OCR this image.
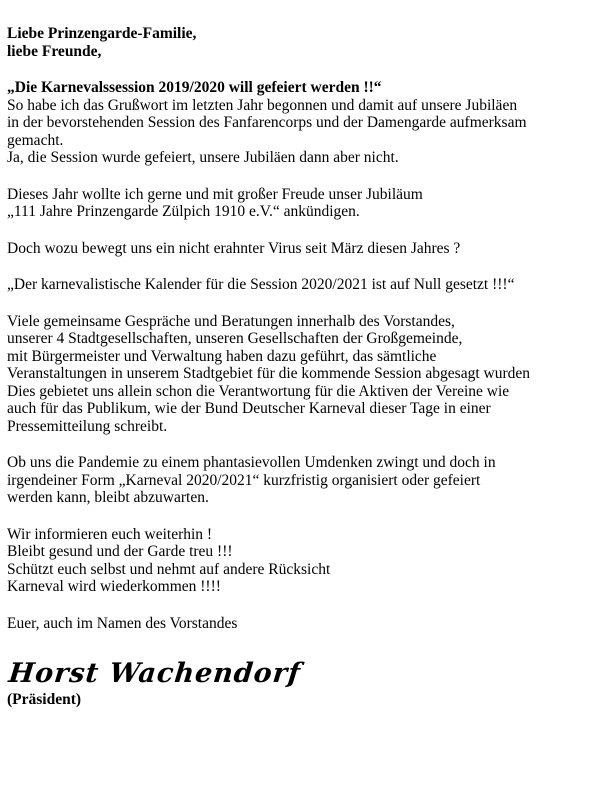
Liebe Prinzengarde-Familie,
liebe Freunde,
„Die Karnevalssession 2019/2020 will gefeiert werden !!“
So habe ich das Grußwort im letzten Jahr begonnen und damit auf unsere Jubiläen
in der bevorstehenden Session des Fanfarencorps und der Damengarde aufmerksam
gemacht.
Ja, die Session wurde gefeiert, unsere Jubiläen dann aber nicht.
Dieses Jahr wollte ich gerne und mit großer Freude unser Jubiläum
„111 Jahre Prinzengarde Zülpich 1910 e.V.“ ankündigen.
Doch wozu bewegt uns ein nicht erahnter Virus seit März diesen Jahres ?
„Der karnevalistische Kalender für die Session 2020/2021 ist auf Null gesetzt !!!“
Viele gemeinsame Gespräche und Beratungen innerhalb des Vorstandes,
unserer 4 Stadtgesellschaften, unseren Gesellschaften der Großgemeinde,
mit Bürgermeister und Verwaltung haben dazu geführt, das sämtliche
Veranstaltungen in unserem Stadtgebiet für die kommende Session abgesagt wurden
Dies gebietet uns allein schon die Verantwortung für die Aktiven der Vereine wie
auch für das Publikum, wie der Bund Deutscher Karneval dieser Tage in einer
Pressemitteilung schreibt.
Ob uns die Pandemie zu einem phantasievollen Umdenken zwingt und doch in
irgendeiner Form „Karneval 2020/2021“ kurzfristig organisiert oder gefeiert
werden kann, bleibt abzuwarten.
Wir informieren euch weiterhin !
Bleibt gesund und der Garde treu !!!
Schützt euch selbst und nehmt auf andere Rücksicht
Karneval wird wiederkommen !!!!
Euer, auch im Namen des Vorstandes
Horst Wachendorf
(Präsident)
